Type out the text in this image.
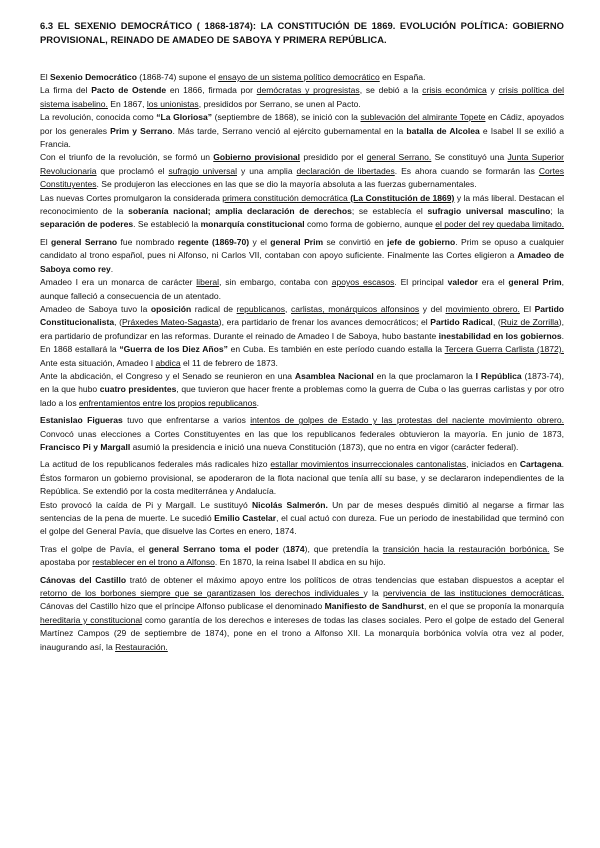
6.3 EL SEXENIO DEMOCRÁTICO ( 1868-1874): LA CONSTITUCIÓN DE 1869. EVOLUCIÓN POLÍTICA: GOBIERNO PROVISIONAL, REINADO DE AMADEO DE SABOYA Y PRIMERA REPÚBLICA.

El Sexenio Democrático (1868-74) supone el ensayo de un sistema político democrático en España.

La firma del Pacto de Ostende en 1866, firmada por demócratas y progresistas, se debió a la crisis económica y crisis política del sistema isabelino. En 1867, los unionistas, presididos por Serrano, se unen al Pacto.

La revolución, conocida como “La Gloriosa” (septiembre de 1868), se inició con la sublevación del almirante Topete en Cádiz, apoyados por los generales Prim y Serrano. Más tarde, Serrano venció al ejército gubernamental en la batalla de Alcolea e Isabel II se exilió a Francia.

Con el triunfo de la revolución, se formó un Gobierno provisional presidido por el general Serrano. Se constituyó una Junta Superior Revolucionaria que proclamó el sufragio universal y una amplia declaración de libertades. Es ahora cuando se formarán las Cortes Constituyentes. Se produjeron las elecciones en las que se dio la mayoría absoluta a las fuerzas gubernamentales.

Las nuevas Cortes promulgaron la considerada primera constitución democrática (La Constitución de 1869) y la más liberal. Destacan el reconocimiento de la soberanía nacional; amplia declaración de derechos; se establecía el sufragio universal masculino; la separación de poderes. Se estableció la monarquía constitucional como forma de gobierno, aunque el poder del rey quedaba limitado.

El general Serrano fue nombrado regente (1869-70) y el general Prim se convirtió en jefe de gobierno. Prim se opuso a cualquier candidato al trono español, pues ni Alfonso, ni Carlos VII, contaban con apoyo suficiente. Finalmente las Cortes eligieron a Amadeo de Saboya como rey.

Amadeo I era un monarca de carácter liberal, sin embargo, contaba con apoyos escasos. El principal valedor era el general Prim, aunque falleció a consecuencia de un atentado.

Amadeo de Saboya tuvo la oposición radical de republicanos, carlistas, monárquicos alfonsinos y del movimiento obrero. El Partido Constitucionalista, (Práxedes Mateo-Sagasta), era partidario de frenar los avances democráticos; el Partido Radical, (Ruiz de Zorrilla), era partidario de profundizar en las reformas. Durante el reinado de Amadeo I de Saboya, hubo bastante inestabilidad en los gobiernos. En 1868 estallará la “Guerra de los Diez Años” en Cuba. Es también en este período cuando estalla la Tercera Guerra Carlista (1872). Ante esta situación, Amadeo I abdica el 11 de febrero de 1873.

Ante la abdicación, el Congreso y el Senado se reunieron en una Asamblea Nacional en la que proclamaron la I República (1873-74), en la que hubo cuatro presidentes, que tuvieron que hacer frente a problemas como la guerra de Cuba o las guerras carlistas y por otro lado a los enfrentamientos entre los propios republicanos.

Estanislao Figueras tuvo que enfrentarse a varios intentos de golpes de Estado y las protestas del naciente movimiento obrero. Convocó unas elecciones a Cortes Constituyentes en las que los republicanos federales obtuvieron la mayoría. En junio de 1873, Francisco Pi y Margall asumió la presidencia e inició una nueva Constitución (1873), que no entra en vigor (carácter federal).

La actitud de los republicanos federales más radicales hizo estallar movimientos insurreccionales cantonalistas, iniciados en Cartagena. Éstos formaron un gobierno provisional, se apoderaron de la flota nacional que tenía allí su base, y se declararon independientes de la República. Se extendió por la costa mediterránea y Andalucía.

Esto provocó la caída de Pi y Margall. Le sustituyó Nicolás Salmerón. Un par de meses después dimitió al negarse a firmar las sentencias de la pena de muerte. Le sucedió Emilio Castelar, el cual actuó con dureza. Fue un periodo de inestabilidad que terminó con el golpe del General Pavía, que disuelve las Cortes en enero, 1874.

Tras el golpe de Pavía, el general Serrano toma el poder (1874), que pretendía la transición hacia la restauración borbónica. Se apostaba por restablecer en el trono a Alfonso. En 1870, la reina Isabel II abdica en su hijo.

Cánovas del Castillo trató de obtener el máximo apoyo entre los políticos de otras tendencias que estaban dispuestos a aceptar el retorno de los borbones siempre que se garantizasen los derechos individuales y la pervivencia de las instituciones democráticas. Cánovas del Castillo hizo que el príncipe Alfonso publicase el denominado Manifiesto de Sandhurst, en el que se proponía la monarquía hereditaria y constitucional como garantía de los derechos e intereses de todas las clases sociales. Pero el golpe de estado del General Martínez Campos (29 de septiembre de 1874), pone en el trono a Alfonso XII. La monarquía borbónica volvía otra vez al poder, inaugurando así, la Restauración.
